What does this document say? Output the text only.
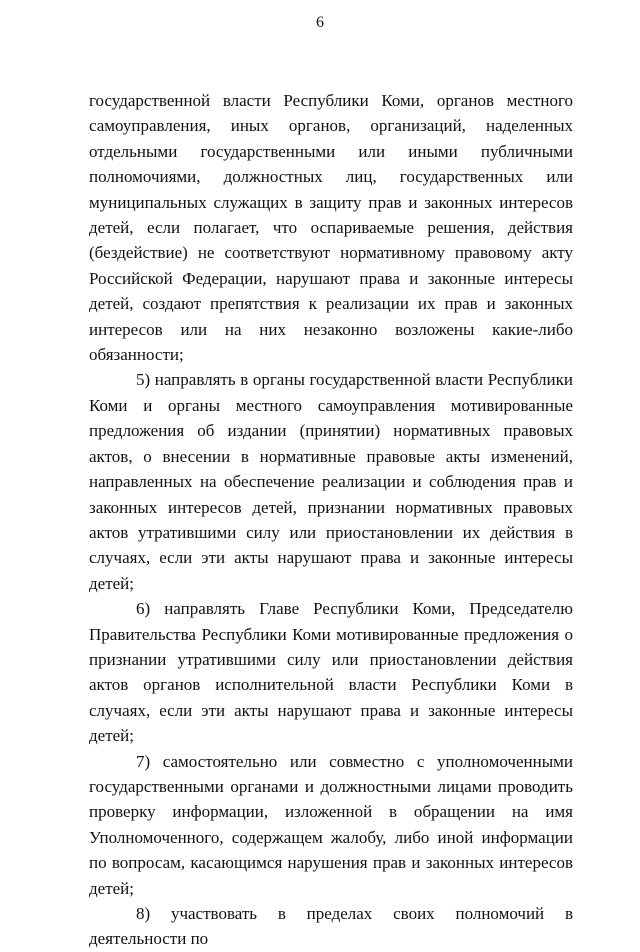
6

государственной власти Республики Коми, органов местного самоуправления, иных органов, организаций, наделенных отдельными государственными или иными публичными полномочиями, должностных лиц, государственных или муниципальных служащих в защиту прав и законных интересов детей, если полагает, что оспариваемые решения, действия (бездействие) не соответствуют нормативному правовому акту Российской Федерации, нарушают права и законные интересы детей, создают препятствия к реализации их прав и законных интересов или на них незаконно возложены какие-либо обязанности;

5) направлять в органы государственной власти Республики Коми и органы местного самоуправления мотивированные предложения об издании (принятии) нормативных правовых актов, о внесении в нормативные правовые акты изменений, направленных на обеспечение реализации и соблюдения прав и законных интересов детей, признании нормативных правовых актов утратившими силу или приостановлении их действия в случаях, если эти акты нарушают права и законные интересы детей;

6) направлять Главе Республики Коми, Председателю Правительства Республики Коми мотивированные предложения о признании утратившими силу или приостановлении действия актов органов исполнительной власти Республики Коми в случаях, если эти акты нарушают права и законные интересы детей;

7) самостоятельно или совместно с уполномоченными государственными органами и должностными лицами проводить проверку информации, изложенной в обращении на имя Уполномоченного, содержащем жалобу, либо иной информации по вопросам, касающимся нарушения прав и законных интересов детей;

8) участвовать в пределах своих полномочий в деятельности по
